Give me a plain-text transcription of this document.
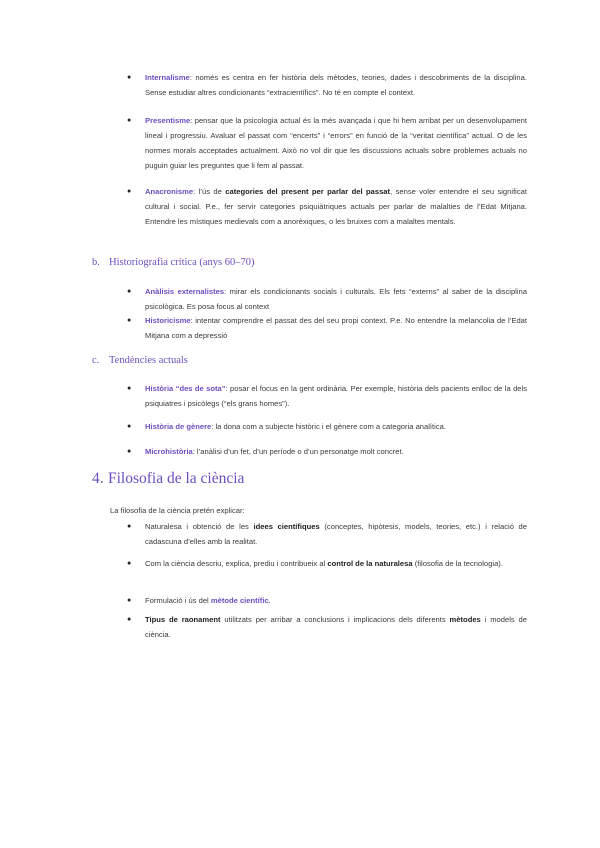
● Internalisme: només es centra en fer història dels mètodes, teories, dades i descobriments de la disciplina. Sense estudiar altres condicionants “extracientífics”. No té en compte el context.
● Presentisme: pensar que la psicologia actual és la més avançada i que hi hem arribat per un desenvolupament lineal i progressiu. Avaluar el passat com “encerts” i “errors” en funció de la “veritat científica” actual. O de les normes morals acceptades actualment. Això no vol dir que les discussions actuals sobre problemes actuals no puguin guiar les preguntes que li fem al passat.
● Anacronisme: l’ús de categories del present per parlar del passat, sense voler entendre el seu significat cultural i social. P.e., fer servir categories psiquiàtriques actuals per parlar de malalties de l’Edat Mitjana. Entendre les místiques medievals com a anorèxiques, o les bruixes com a malaltes mentals.
b. Historiografia crítica (anys 60–70)
● Anàlisis externalistes: mirar els condicionants socials i culturals. Els fets “externs” al saber de la disciplina psicològica. Es posa focus al context
● Historicisme: intentar comprendre el passat des del seu propi context. P.e. No entendre la melancolia de l’Edat Mitjana com a depressió
c. Tendències actuals
● Història “des de sota”: posar el focus en la gent ordinària. Per exemple, història dels pacients enlloc de la dels psiquiatres i psicòlegs (“els grans homes”).
● Història de gènere: la dona com a subjecte històric i el gènere com a categoria analítica.
● Microhistòria: l’anàlisi d’un fet, d’un període o d’un personatge molt concret.
4. Filosofia de la ciència
La filosofia de la ciència pretén explicar:
● Naturalesa i obtenció de les idees científiques (conceptes, hipòtesis, models, teories, etc.) i relació de cadascuna d’elles amb la realitat.
● Com la ciència descriu, explica, prediu i contribueix al control de la naturalesa (filosofia de la tecnologia).
● Formulació i ús del mètode científic.
● Tipus de raonament utilitzats per arribar a conclusions i implicacions dels diferents mètodes i models de ciència.
